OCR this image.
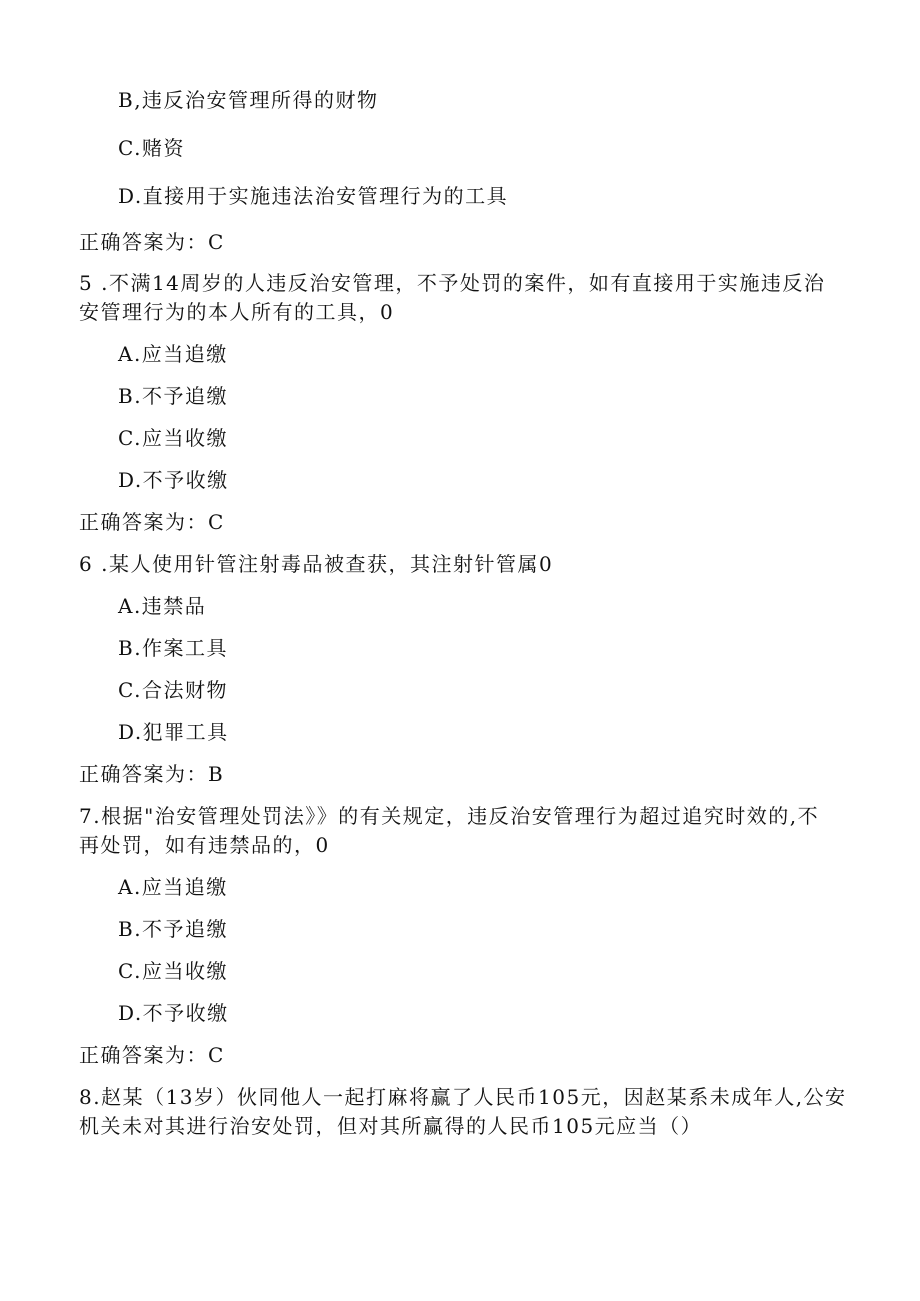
B,违反治安管理所得的财物
C.赌资
D.直接用于实施违法治安管理行为的工具
正确答案为：C
5 .不满14周岁的人违反治安管理，不予处罚的案件，如有直接用于实施违反治
安管理行为的本人所有的工具，0
A.应当追缴
B.不予追缴
C.应当收缴
D.不予收缴
正确答案为：C
6 .某人使用针管注射毒品被查获，其注射针管属0
A.违禁品
B.作案工具
C.合法财物
D.犯罪工具
正确答案为：B
7.根据"治安管理处罚法》》的有关规定，违反治安管理行为超过追究时效的,不
再处罚，如有违禁品的，0
A.应当追缴
B.不予追缴
C.应当收缴
D.不予收缴
正确答案为：C
8.赵某（13岁）伙同他人一起打麻将赢了人民币105元，因赵某系未成年人,公安
机关未对其进行治安处罚，但对其所赢得的人民币105元应当（）
